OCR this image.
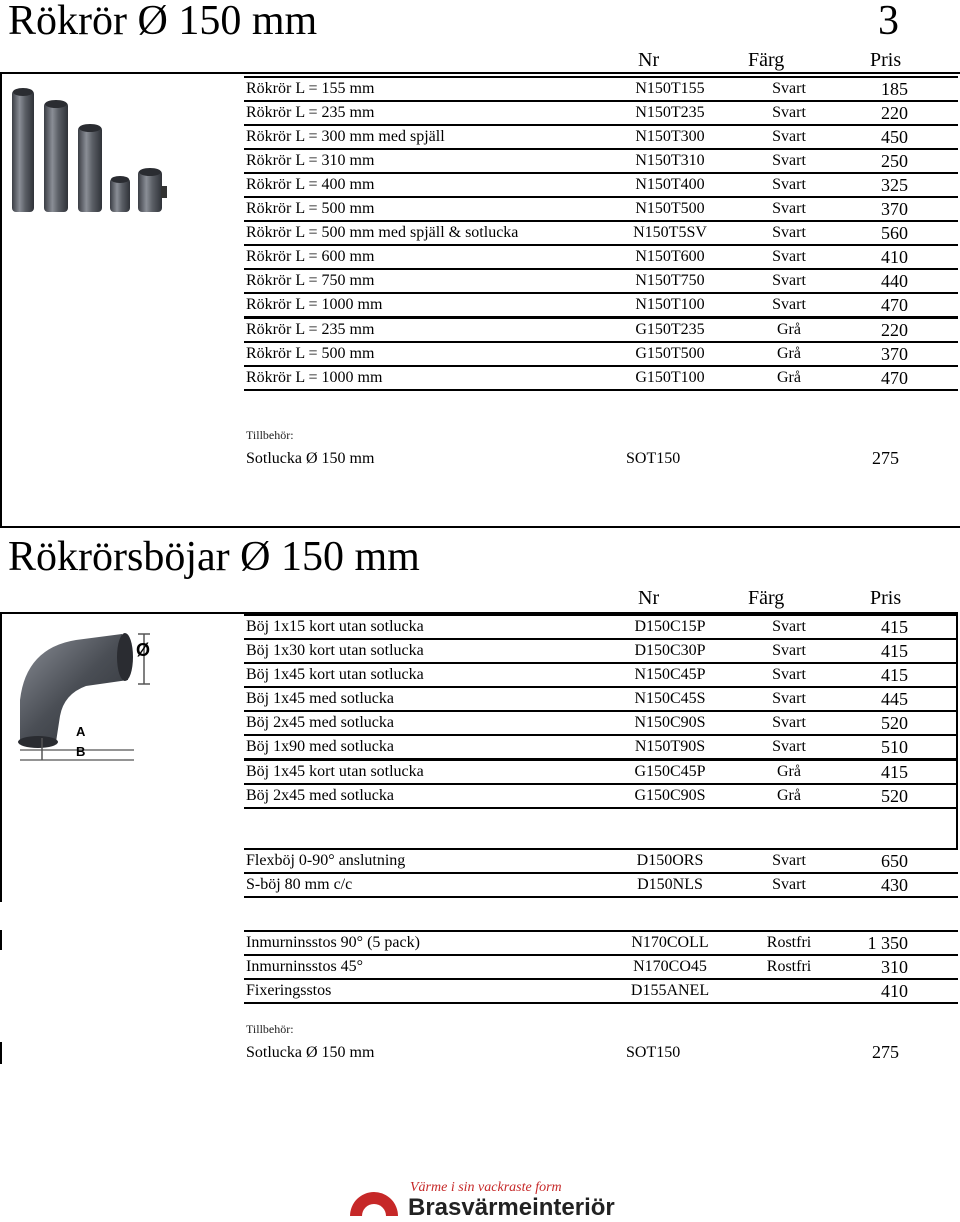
Rökrör Ø 150 mm	3
Nr	Färg	Pris
Rökrör L = 155 mm	N150T155	Svart	185
Rökrör L = 235 mm	N150T235	Svart	220
Rökrör L = 300 mm med spjäll	N150T300	Svart	450
Rökrör L = 310 mm	N150T310	Svart	250
Rökrör L = 400 mm	N150T400	Svart	325
Rökrör L = 500 mm	N150T500	Svart	370
Rökrör L = 500 mm med spjäll & sotlucka	N150T5SV	Svart	560
Rökrör L = 600 mm	N150T600	Svart	410
Rökrör L = 750 mm	N150T750	Svart	440
Rökrör L = 1000 mm	N150T100	Svart	470
Rökrör L = 235 mm	G150T235	Grå	220
Rökrör L = 500 mm	G150T500	Grå	370
Rökrör L = 1000 mm	G150T100	Grå	470
Tillbehör:
Sotlucka Ø 150 mm	SOT150	275
Rökrörsböjar Ø 150 mm
Nr	Färg	Pris
Ø
A
B
Böj 1x15 kort utan sotlucka	D150C15P	Svart	415
Böj 1x30 kort utan sotlucka	D150C30P	Svart	415
Böj 1x45 kort utan sotlucka	N150C45P	Svart	415
Böj 1x45 med sotlucka	N150C45S	Svart	445
Böj 2x45 med sotlucka	N150C90S	Svart	520
Böj 1x90 med sotlucka	N150T90S	Svart	510
Böj 1x45 kort utan sotlucka	G150C45P	Grå	415
Böj 2x45 med sotlucka	G150C90S	Grå	520
Flexböj 0-90° anslutning	D150ORS	Svart	650
S-böj 80 mm c/c	D150NLS	Svart	430
Inmurninsstos 90° (5 pack)	N170COLL	Rostfri	1 350
Inmurninsstos 45°	N170CO45	Rostfri	310
Fixeringsstos	D155ANEL		410
Tillbehör:
Sotlucka Ø 150 mm	SOT150	275
Värme i sin vackraste form
Brasvärmeinteriör
